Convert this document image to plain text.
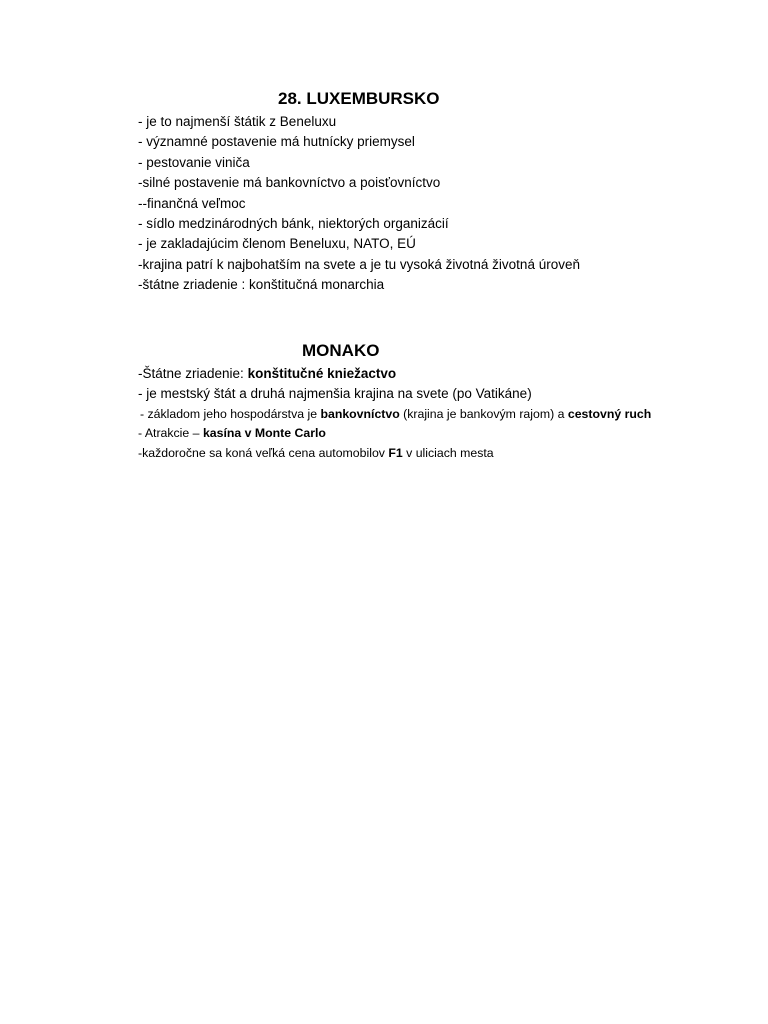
28. LUXEMBURSKO
- je to najmenší štátik z Beneluxu
- významné postavenie má hutnícky priemysel
- pestovanie viniča
-silné postavenie má bankovníctvo a poisťovníctvo
--finančná veľmoc
- sídlo medzinárodných bánk, niektorých organizácií
- je zakladajúcim členom Beneluxu, NATO, EÚ
-krajina patrí k najbohatším na svete a je tu vysoká životná životná úroveň
-štátne zriadenie : konštitučná monarchia
MONAKO
-Štátne zriadenie: konštitučné kniežactvo
- je mestský štát a druhá najmenšia krajina na svete (po Vatikáne)
- základom jeho hospodárstva je bankovníctvo (krajina je bankovým rajom) a cestovný ruch
- Atrakcie – kasína v Monte Carlo
-každoročne sa koná veľká cena automobilov F1 v uliciach mesta
